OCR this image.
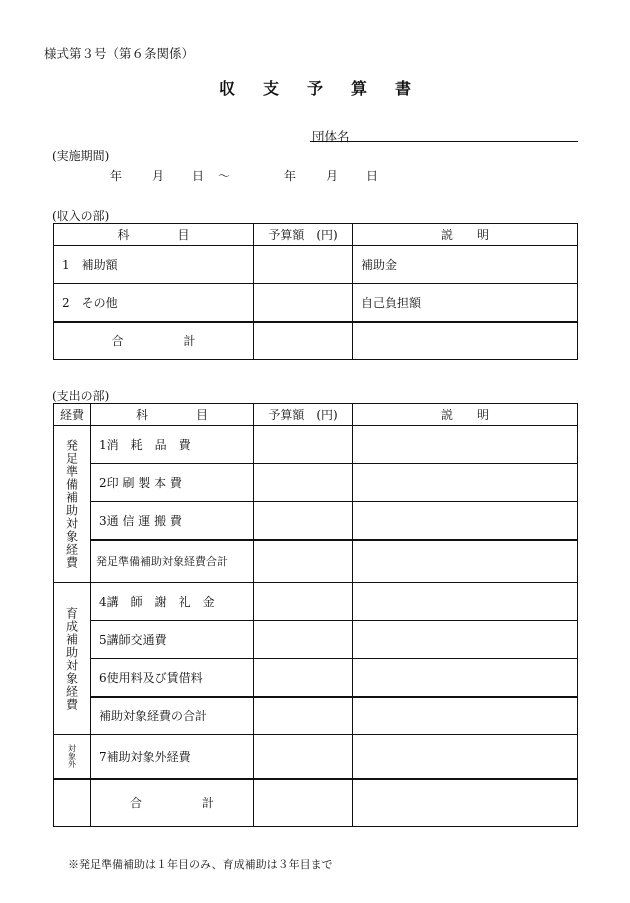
様式第３号（第６条関係）
収支予算書
団体名
(実施期間)
年 月 日 〜	年 月 日
(収入の部)
科　　　　目	予算額　(円)	説　　明
1　補助額		補助金
2　その他		自己負担額
合　　　　　計		
(支出の部)
経費	科　　　　目	予算額　(円)	説　　明

発足準備補助対象経費	1消　耗　品　費		
	2印 刷 製 本 費		
	3通 信 運 搬 費		
	発足準備補助対象経費合計		

育成補助対象経費	4講　師　謝　礼　金		
	5講師交通費		
	6使用料及び賃借料		
	補助対象経費の合計		

対象外	7補助対象外経費		
	合　　　　　計		
※発足準備補助は１年目のみ、育成補助は３年目まで
